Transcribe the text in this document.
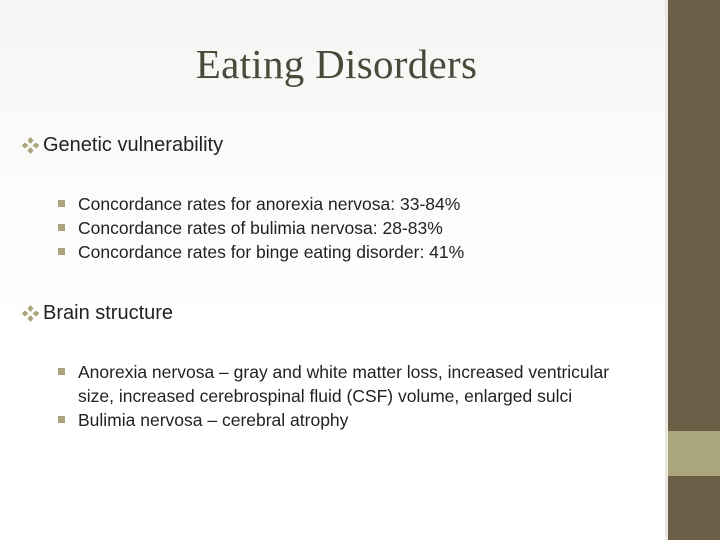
Eating Disorders
Genetic vulnerability
Concordance rates for anorexia nervosa: 33-84%
Concordance rates of bulimia nervosa: 28-83%
Concordance rates for binge eating disorder: 41%
Brain structure
Anorexia nervosa – gray and white matter loss, increased ventricular size, increased cerebrospinal fluid (CSF) volume, enlarged sulci
Bulimia nervosa – cerebral atrophy
